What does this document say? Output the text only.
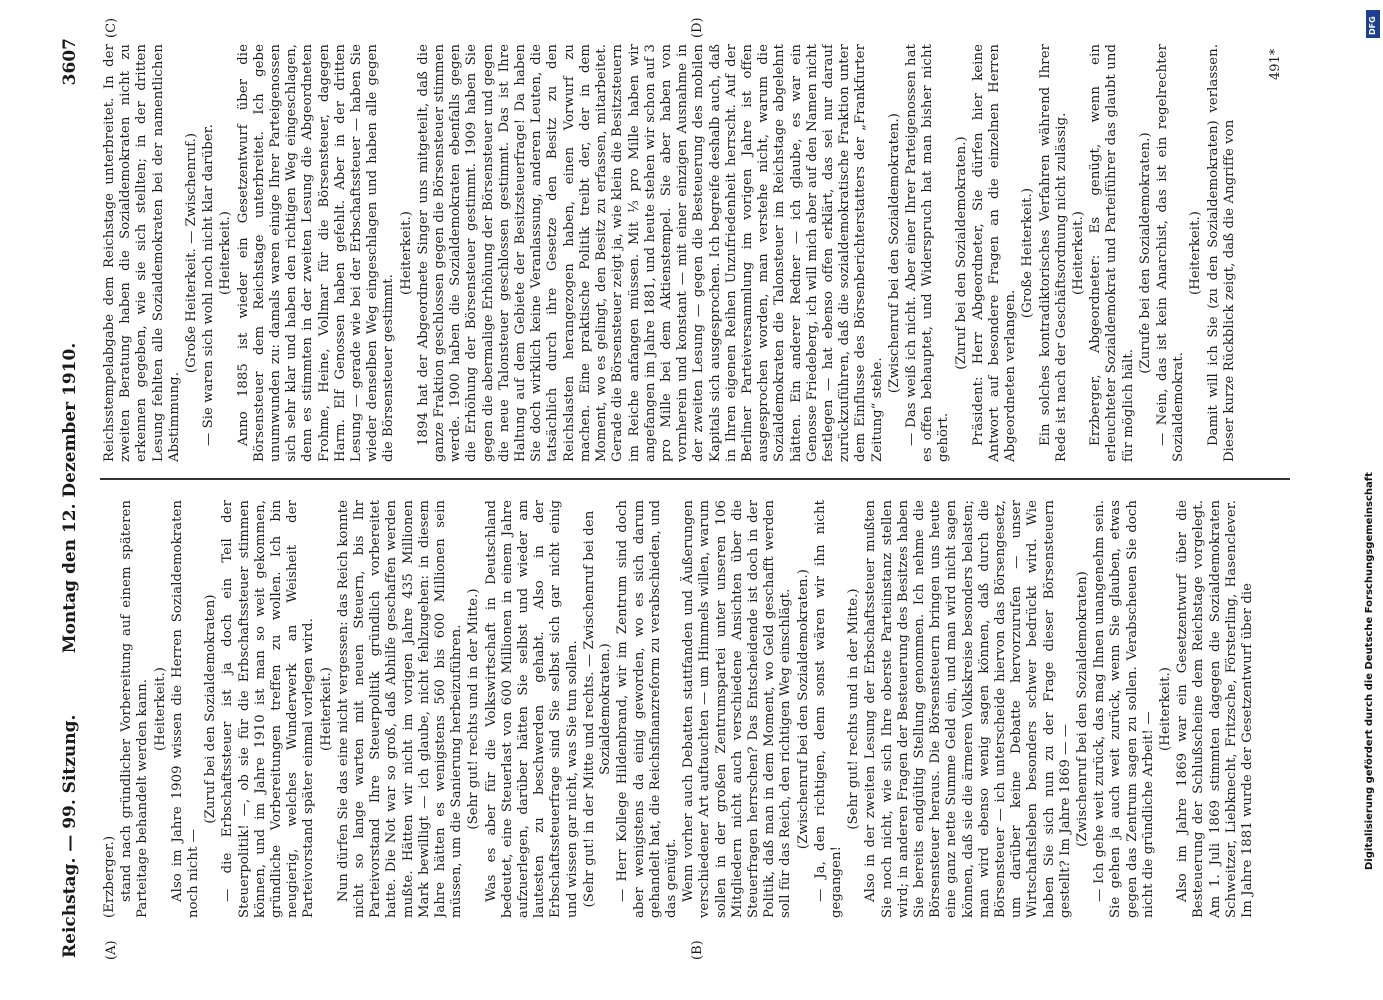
Reichstag. — 99. Sitzung.
Montag den 12. Dezember 1910.
3607
(A)	(B)
(C)	(D)

(Erzberger.) stand nach gründlicher Vorbereitung auf einem späteren Parteitage behandelt werden kann. (Heiterkeit.) Also im Jahre 1909 wissen die Herren Sozialdemokraten noch nicht —

(Zuruf bei den Sozialdemokraten) — die Erbschaftssteuer ist ja doch ein Teil der Steuerpolitik! —, ob sie für die Erbschaftssteuer stimmen können, und im Jahre 1910 ist man so weit gekommen, gründliche Vorbereitungen treffen zu wollen. Ich bin neugierig, welches Wunderwerk an Weisheit der Parteivorstand später einmal vorlegen wird. (Heiterkeit.) Nun dürfen Sie das eine nicht vergessen: das Reich konnte nicht so lange warten mit neuen Steuern, bis Ihr Parteivorstand Ihre Steuerpolitik gründlich vorbereitet hatte. Die Not war so groß, daß Abhilfe geschaffen werden mußte. Hätten wir nicht im vorigen Jahre 435 Millionen Mark bewilligt — ich glaube, nicht fehlzugehen: in diesem Jahre hätten es wenigstens 560 bis 600 Millionen sein müssen, um die Sanierung herbeizuführen. (Sehr gut! rechts und in der Mitte.) Was es aber für die Volkswirtschaft in Deutschland bedeutet, eine Steuerlast von 600 Millionen in einem Jahre aufzuerlegen, darüber hätten Sie selbst und wieder am lautesten zu beschwerden gehabt. Also in der Erbschaftssteuerfrage sind Sie selbst sich gar nicht einig und wissen gar nicht, was Sie tun sollen. (Sehr gut! in der Mitte und rechts. — Zwischenruf bei den Sozialdemokraten.) — Herr Kollege Hildenbrand, wir im Zentrum sind doch aber wenigstens da einig geworden, wo es sich darum gehandelt hat, die Reichsfinanzreform zu verabschieden, und das genügt. Wenn vorher auch Debatten stattfanden und Äußerungen verschiedener Art auftauchten — um Himmels willen, warum sollen in der großen Zentrumspartei unter unseren 106 Mitgliedern nicht auch verschiedene Ansichten über die Steuerfragen herrschen? Das Entscheidende ist doch in der Politik, daß man in dem Moment, wo Geld geschafft werden soll für das Reich, den richtigen Weg einschlägt. (Zwischenruf bei den Sozialdemokraten.) — Ja, den richtigen, denn sonst wären wir ihn nicht gegangen!

(Sehr gut! rechts und in der Mitte.) Also in der zweiten Lesung der Erbschaftssteuer mußten Sie noch nicht, wie sich Ihre oberste Parteiinstanz stellen wird; in anderen Fragen der Besteuerung des Besitzes haben Sie bereits endgültig Stellung genommen. Ich nehme die Börsensteuer heraus. Die Börsensteuern bringen uns heute eine ganz nette Summe Geld ein, und man wird nicht sagen können, daß sie die ärmeren Volkskreise besonders belasten; man wird ebenso wenig sagen können, daß durch die Börsensteuer — ich unterscheide hiervon das Börsengesetz, um darüber keine Debatte hervorzurufen — unser Wirtschaftsleben besonders schwer bedrückt wird. Wie haben Sie sich nun zu der Frage dieser Börsensteuern gestellt? Im Jahre 1869 — — (Zwischenruf bei den Sozialdemokraten) — Ich gehe weit zurück, das mag Ihnen unangenehm sein. Sie gehen ja auch weit zurück, wenn Sie glauben, etwas gegen das Zentrum sagen zu sollen. Verabscheuen Sie doch nicht die gründliche Arbeit! —

(Heiterkeit.) Also im Jahre 1869 war ein Gesetzentwurf über die Besteuerung der Schlußscheine dem Reichstage vorgelegt. Am 1. Juli 1869 stimmten dagegen die Sozialdemokraten Schweitzer, Liebknecht, Fritzsche, Försterling, Hasenclever. Im Jahre 1881 wurde der Gesetzentwurf über die

Reichsstempelabgabe dem Reichstage unterbreitet. In der zweiten Beratung haben die Sozialdemokraten nicht zu erkennen gegeben, wie sie sich stellten; in der dritten Lesung fehlten alle Sozialdemokraten bei der namentlichen Abstimmung.

(Große Heiterkeit. — Zwischenruf.) — Sie waren sich wohl noch nicht klar darüber. (Heiterkeit.) Anno 1885 ist wieder ein Gesetzentwurf über die Börsensteuer dem Reichstage unterbreitet. Ich gebe unumwunden zu: damals waren einige Ihrer Parteigenossen sich sehr klar und haben den richtigen Weg eingeschlagen, denn es stimmten in der zweiten Lesung die Abgeordneten Frohme, Heine, Vollmar für die Börsensteuer, dagegen Harm. Elf Genossen haben gefehlt. Aber in der dritten Lesung — gerade wie bei der Erbschaftssteuer — haben Sie wieder denselben Weg eingeschlagen und haben alle gegen die Börsensteuer gestimmt.

(Heiterkeit.) 1894 hat der Abgeordnete Singer uns mitgeteilt, daß die ganze Fraktion geschlossen gegen die Börsensteuer stimmen werde. 1900 haben die Sozialdemokraten ebenfalls gegen die Erhöhung der Börsensteuer gestimmt. 1909 haben Sie gegen die abermalige Erhöhung der Börsensteuer und gegen die neue Talonsteuer geschlossen gestimmt. Das ist Ihre Haltung auf dem Gebiete der Besitzsteuerfrage! Da haben Sie doch wirklich keine Veranlassung, anderen Leuten, die tatsächlich durch ihre Gesetze den Besitz zu den Reichslasten herangezogen haben, einen Vorwurf zu machen. Eine praktische Politik treibt der, der in dem Moment, wo es gelingt, den Besitz zu erfassen, mitarbeitet. Gerade die Börsensteuer zeigt ja, wie klein die Besitzsteuern im Reiche anfangen müssen. Mit ⅓ pro Mille haben wir angefangen im Jahre 1881, und heute stehen wir schon auf 3 pro Mille bei dem Aktienstempel. Sie aber haben von vornherein und konstant — mit einer einzigen Ausnahme in der zweiten Lesung — gegen die Besteuerung des mobilen Kapitals sich ausgesprochen. Ich begreife deshalb auch, daß in Ihren eigenen Reihen Unzufriedenheit herrscht. Auf der Berliner Parteiversammlung im vorigen Jahre ist offen ausgesprochen worden, man verstehe nicht, warum die Sozialdemokraten die Talonsteuer im Reichstage abgelehnt hätten. Ein anderer Redner — ich glaube, es war ein Genosse Friedeberg, ich will mich aber auf den Namen nicht festlegen — hat ebenso offen erklärt, das sei nur darauf zurückzuführen, daß die sozialdemokratische Fraktion unter dem Einflusse des Börsenberichterstatters der „Frankfurter Zeitung“ stehe.

(Zwischenruf bei den Sozialdemokraten.) — Das weiß ich nicht. Aber einer Ihrer Parteigenossen hat es offen behauptet, und Widerspruch hat man bisher nicht gehört.

(Zuruf bei den Sozialdemokraten.) Präsident: Herr Abgeordneter, Sie dürfen hier keine Antwort auf besondere Fragen an die einzelnen Herren Abgeordneten verlangen.

(Große Heiterkeit.) Ein solches kontradiktorisches Verfahren während Ihrer Rede ist nach der Geschäftsordnung nicht zulässig. (Heiterkeit.) Erzberger, Abgeordneter: Es genügt, wenn ein erleuchteter Sozialdemokrat und Parteiführer das glaubt und für möglich hält.

(Zurufe bei den Sozialdemokraten.) — Nein, das ist kein Anarchist, das ist ein regelrechter Sozialdemokrat.

(Heiterkeit.) Damit will ich Sie (zu den Sozialdemokraten) verlassen. Dieser kurze Rückblick zeigt, daß die Angriffe von

491*
DFG
Digitalisierung gefördert durch die Deutsche Forschungsgemeinschaft
